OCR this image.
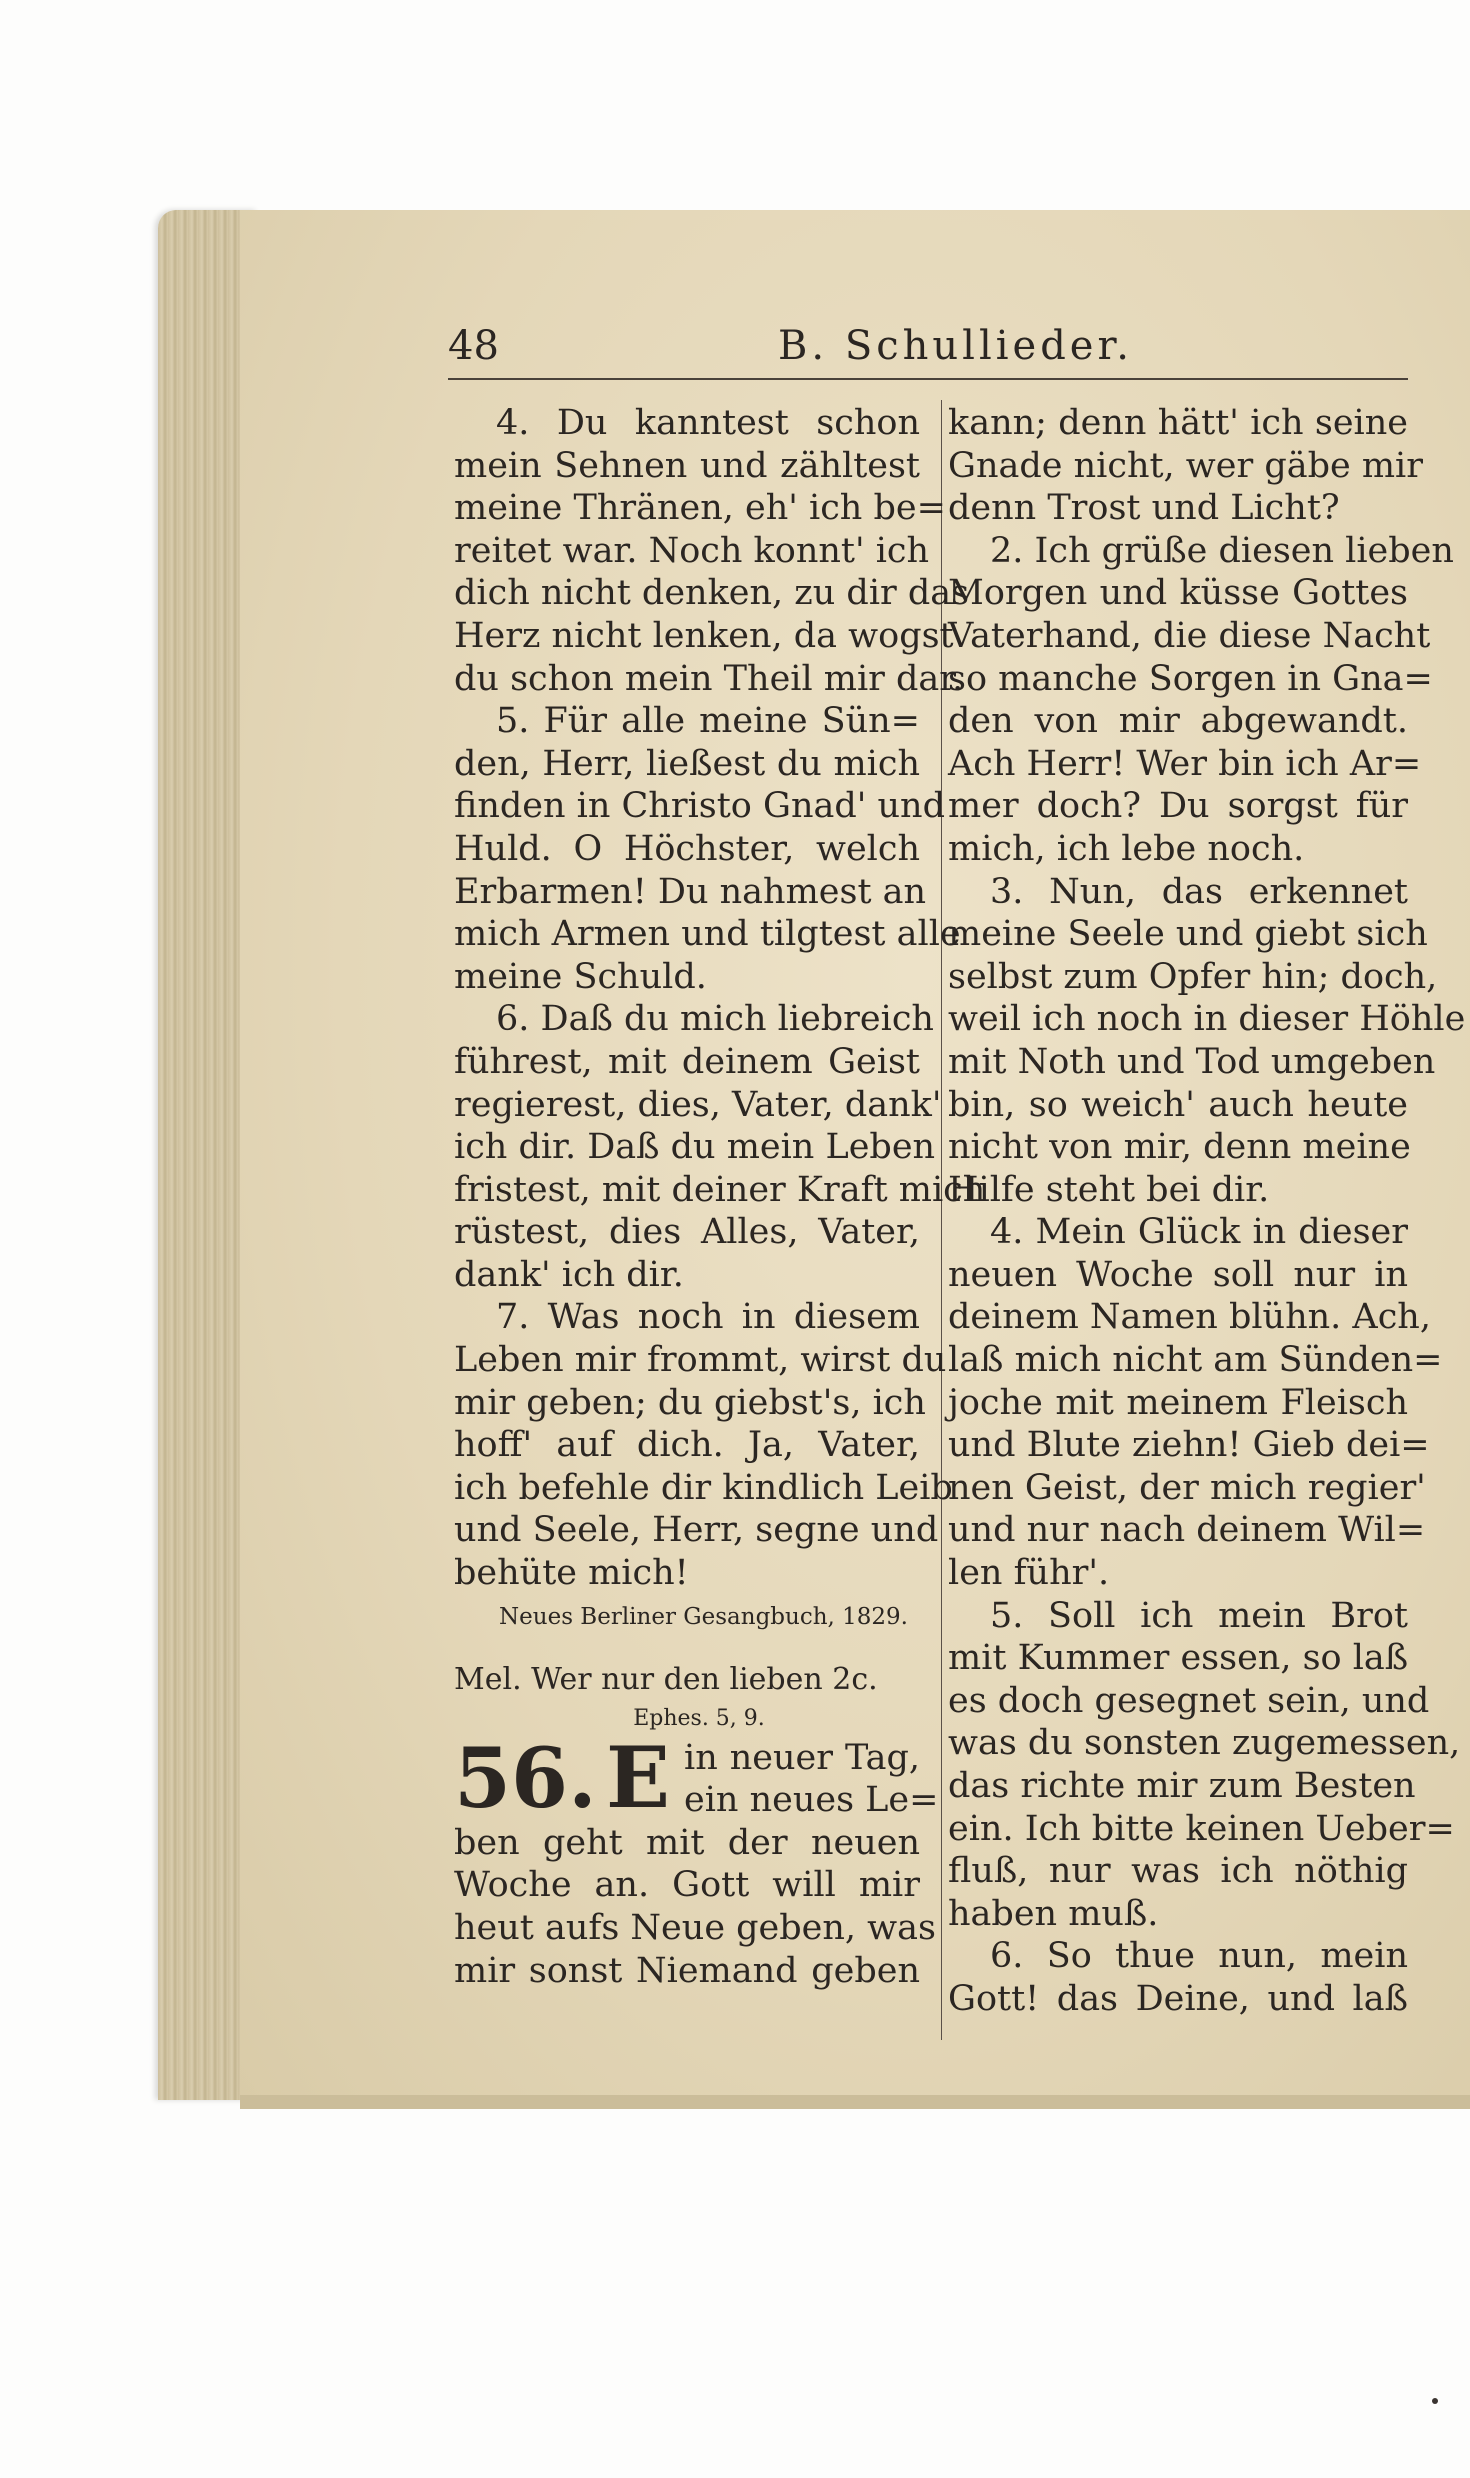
48	B. Schullieder.
4. Du kanntest schon
mein Sehnen und zähltest
meine Thränen, eh' ich be=
reitet war. Noch konnt' ich
dich nicht denken, zu dir das
Herz nicht lenken, da wogst
du schon mein Theil mir dar.
5. Für alle meine Sün=
den, Herr, ließest du mich
finden in Christo Gnad' und
Huld. O Höchster, welch
Erbarmen! Du nahmest an
mich Armen und tilgtest alle
meine Schuld.
6. Daß du mich liebreich
führest, mit deinem Geist
regierest, dies, Vater, dank'
ich dir. Daß du mein Leben
fristest, mit deiner Kraft mich
rüstest, dies Alles, Vater,
dank' ich dir.
7. Was noch in diesem
Leben mir frommt, wirst du
mir geben; du giebst's, ich
hoff' auf dich. Ja, Vater,
ich befehle dir kindlich Leib
und Seele, Herr, segne und
behüte mich!
Neues Berliner Gesangbuch, 1829.
Mel. Wer nur den lieben 2c.
Ephes. 5, 9.
56. E in neuer Tag,
ein neues Le=
ben geht mit der neuen
Woche an. Gott will mir
heut aufs Neue geben, was
mir sonst Niemand geben
kann; denn hätt' ich seine
Gnade nicht, wer gäbe mir
denn Trost und Licht?
2. Ich grüße diesen lieben
Morgen und küsse Gottes
Vaterhand, die diese Nacht
so manche Sorgen in Gna=
den von mir abgewandt.
Ach Herr! Wer bin ich Ar=
mer doch? Du sorgst für
mich, ich lebe noch.
3. Nun, das erkennet
meine Seele und giebt sich
selbst zum Opfer hin; doch,
weil ich noch in dieser Höhle
mit Noth und Tod umgeben
bin, so weich' auch heute
nicht von mir, denn meine
Hilfe steht bei dir.
4. Mein Glück in dieser
neuen Woche soll nur in
deinem Namen blühn. Ach,
laß mich nicht am Sünden=
joche mit meinem Fleisch
und Blute ziehn! Gieb dei=
nen Geist, der mich regier'
und nur nach deinem Wil=
len führ'.
5. Soll ich mein Brot
mit Kummer essen, so laß
es doch gesegnet sein, und
was du sonsten zugemessen,
das richte mir zum Besten
ein. Ich bitte keinen Ueber=
fluß, nur was ich nöthig
haben muß.
6. So thue nun, mein
Gott! das Deine, und laß
